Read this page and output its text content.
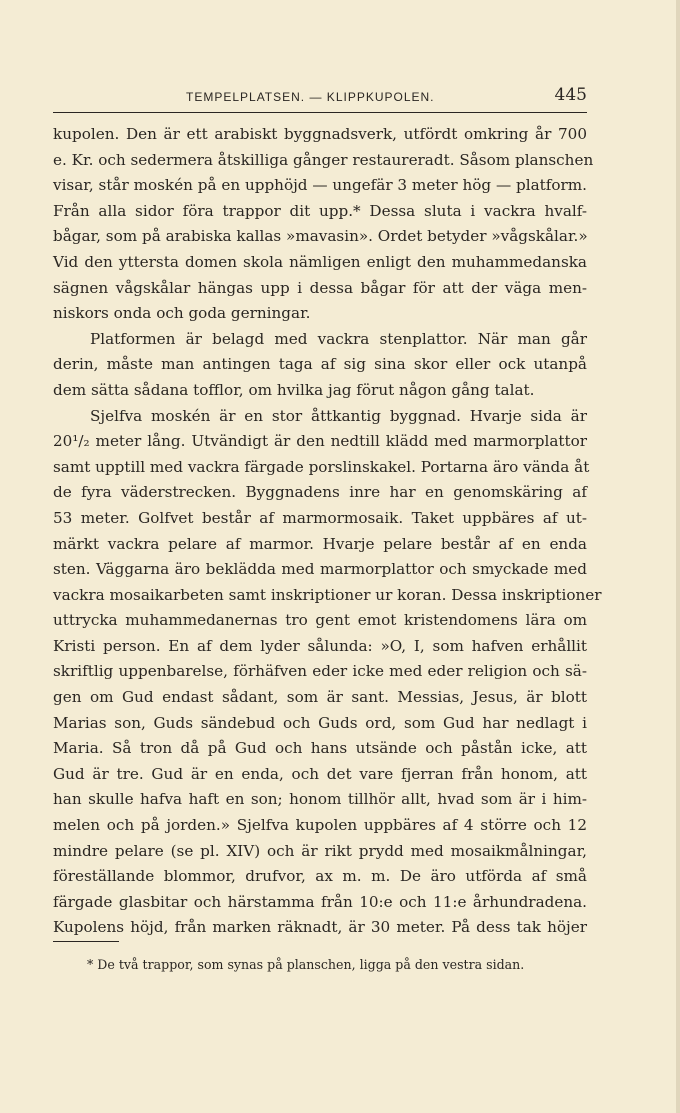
TEMPELPLATSEN. — KLIPPKUPOLEN.	445
kupolen. Den är ett arabiskt byggnadsverk, utfördt omkring år 700
e. Kr. och sedermera åtskilliga gånger restaureradt. Såsom planschen
visar, står moskén på en upphöjd — ungefär 3 meter hög — platform.
Från alla sidor föra trappor dit upp.* Dessa sluta i vackra hvalf-
bågar, som på arabiska kallas »mavasin». Ordet betyder »vågskålar.»
Vid den yttersta domen skola nämligen enligt den muhammedanska
sägnen vågskålar hängas upp i dessa bågar för att der väga men-
niskors onda och goda gerningar.
Platformen är belagd med vackra stenplattor. När man går
derin, måste man antingen taga af sig sina skor eller ock utanpå
dem sätta sådana tofflor, om hvilka jag förut någon gång talat.
Sjelfva moskén är en stor åttkantig byggnad. Hvarje sida är
20¹/₂ meter lång. Utvändigt är den nedtill klädd med marmorplattor
samt upptill med vackra färgade porslinskakel. Portarna äro vända åt
de fyra väderstrecken. Byggnadens inre har en genomskäring af
53 meter. Golfvet består af marmormosaik. Taket uppbäres af ut-
märkt vackra pelare af marmor. Hvarje pelare består af en enda
sten. Väggarna äro beklädda med marmorplattor och smyckade med
vackra mosaikarbeten samt inskriptioner ur koran. Dessa inskriptioner
uttrycka muhammedanernas tro gent emot kristendomens lära om
Kristi person. En af dem lyder sålunda: »O, I, som hafven erhållit
skriftlig uppenbarelse, förhäfven eder icke med eder religion och sä-
gen om Gud endast sådant, som är sant. Messias, Jesus, är blott
Marias son, Guds sändebud och Guds ord, som Gud har nedlagt i
Maria. Så tron då på Gud och hans utsände och påstån icke, att
Gud är tre. Gud är en enda, och det vare fjerran från honom, att
han skulle hafva haft en son; honom tillhör allt, hvad som är i him-
melen och på jorden.» Sjelfva kupolen uppbäres af 4 större och 12
mindre pelare (se pl. XIV) och är rikt prydd med mosaikmålningar,
föreställande blommor, drufvor, ax m. m. De äro utförda af små
färgade glasbitar och härstamma från 10:e och 11:e århundradena.
Kupolens höjd, från marken räknadt, är 30 meter. På dess tak höjer
* De två trappor, som synas på planschen, ligga på den vestra sidan.
